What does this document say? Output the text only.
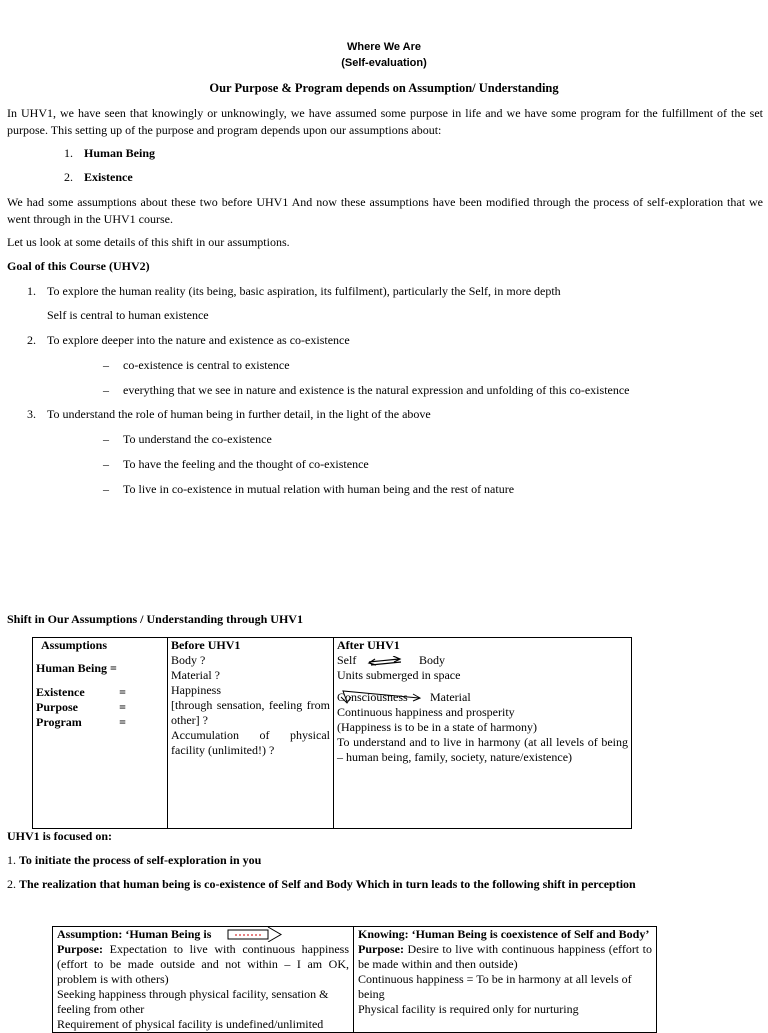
Where We Are
(Self-evaluation)
Our Purpose & Program depends on Assumption/ Understanding
In UHV1, we have seen that knowingly or unknowingly, we have assumed some purpose in life and we have some program for the fulfillment of the set purpose. This setting up of the purpose and program depends upon our assumptions about:
1. Human Being
2. Existence
We had some assumptions about these two before UHV1 And now these assumptions have been modified through the process of self-exploration that we went through in the UHV1 course.
Let us look at some details of this shift in our assumptions.
Goal of this Course (UHV2)
1. To explore the human reality (its being, basic aspiration, its fulfilment), particularly the Self, in more depth
Self is central to human existence
2. To explore deeper into the nature and existence as co-existence
– co-existence is central to existence
– everything that we see in nature and existence is the natural expression and unfolding of this co-existence
3. To understand the role of human being in further detail, in the light of the above
– To understand the co-existence
– To have the feeling and the thought of co-existence
– To live in co-existence in mutual relation with human being and the rest of nature
Shift in Our Assumptions / Understanding through UHV1
Assumptions
Human Being =
Existence	=
Purpose	=
Program	=

Before UHV1
Body ?
Material ?
Happiness
[through sensation, feeling from other] ?
Accumulation of physical facility (unlimited!) ?

After UHV1
Self	Body
Units submerged in space
Consciousness Material
Continuous happiness and prosperity
(Happiness is to be in a state of harmony)
To understand and to live in harmony (at all levels of being – human being, family, society, nature/existence)
UHV1 is focused on:
1. To initiate the process of self-exploration in you
2. The realization that human being is co-existence of Self and Body Which in turn leads to the following shift in perception
Assumption: ‘Human Being is
Purpose: Expectation to live with continuous happiness (effort to be made outside and not within – I am OK, problem is with others)
Seeking happiness through physical facility, sensation & feeling from other
Requirement of physical facility is undefined/unlimited

Knowing: ‘Human Being is coexistence of Self and Body’
Purpose: Desire to live with continuous happiness (effort to be made within and then outside)
Continuous happiness = To be in harmony at all levels of being
Physical facility is required only for nurturing
